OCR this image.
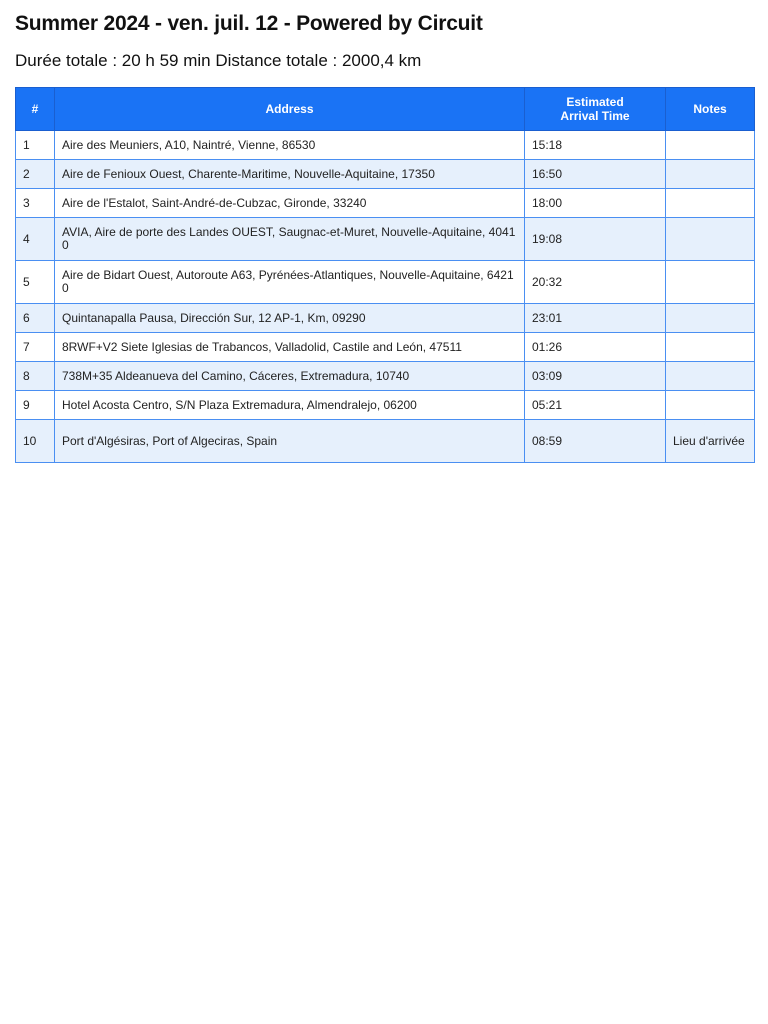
Summer 2024 - ven. juil. 12 - Powered by Circuit
Durée totale : 20 h 59 min Distance totale : 2000,4 km
#	Address	Estimated Arrival Time	Notes
1	Aire des Meuniers, A10, Naintré, Vienne, 86530	15:18	
2	Aire de Fenioux Ouest, Charente-Maritime, Nouvelle-Aquitaine, 17350	16:50	
3	Aire de l'Estalot, Saint-André-de-Cubzac, Gironde, 33240	18:00	
4	AVIA, Aire de porte des Landes OUEST, Saugnac-et-Muret, Nouvelle-Aquitaine, 40410	19:08	
5	Aire de Bidart Ouest, Autoroute A63, Pyrénées-Atlantiques, Nouvelle-Aquitaine, 64210	20:32	
6	Quintanapalla Pausa, Dirección Sur, 12 AP-1, Km, 09290	23:01	
7	8RWF+V2 Siete Iglesias de Trabancos, Valladolid, Castile and León, 47511	01:26	
8	738M+35 Aldeanueva del Camino, Cáceres, Extremadura, 10740	03:09	
9	Hotel Acosta Centro, S/N Plaza Extremadura, Almendralejo, 06200	05:21	
10	Port d'Algésiras, Port of Algeciras, Spain	08:59	Lieu d'arrivée
